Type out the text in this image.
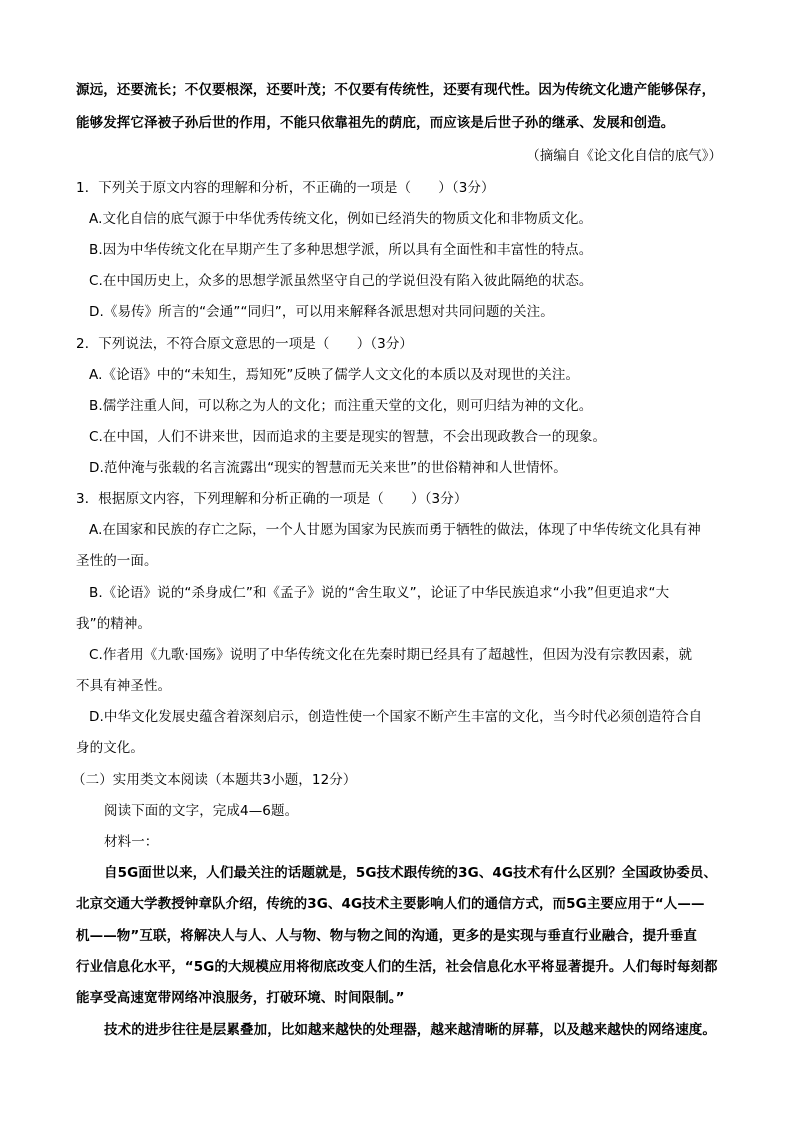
源远，还要流长；不仅要根深，还要叶茂；不仅要有传统性，还要有现代性。因为传统文化遗产能够保存，
能够发挥它泽被子孙后世的作用，不能只依靠祖先的荫庇，而应该是后世子孙的继承、发展和创造。
（摘编自《论文化自信的底气》）
1．下列关于原文内容的理解和分析，不正确的一项是（　　）（3分）
A.文化自信的底气源于中华优秀传统文化，例如已经消失的物质文化和非物质文化。
B.因为中华传统文化在早期产生了多种思想学派，所以具有全面性和丰富性的特点。
C.在中国历史上，众多的思想学派虽然坚守自己的学说但没有陷入彼此隔绝的状态。
D.《易传》所言的“会通”“同归”，可以用来解释各派思想对共同问题的关注。
2．下列说法，不符合原文意思的一项是（　　）（3分）
A.《论语》中的“未知生，焉知死”反映了儒学人文文化的本质以及对现世的关注。
B.儒学注重人间，可以称之为人的文化；而注重天堂的文化，则可归结为神的文化。
C.在中国，人们不讲来世，因而追求的主要是现实的智慧，不会出现政教合一的现象。
D.范仲淹与张载的名言流露出“现实的智慧而无关来世”的世俗精神和人世情怀。
3．根据原文内容，下列理解和分析正确的一项是（　　）（3分）
A.在国家和民族的存亡之际，一个人甘愿为国家为民族而勇于牺牲的做法，体现了中华传统文化具有神
圣性的一面。
B.《论语》说的“杀身成仁”和《孟子》说的“舍生取义”，论证了中华民族追求“小我”但更追求“大
我”的精神。
C.作者用《九歌·国殇》说明了中华传统文化在先秦时期已经具有了超越性，但因为没有宗教因素，就
不具有神圣性。
D.中华文化发展史蕴含着深刻启示，创造性使一个国家不断产生丰富的文化，当今时代必须创造符合自
身的文化。
（二）实用类文本阅读（本题共3小题，12分）
阅读下面的文字，完成4—6题。
材料一：
自5G面世以来，人们最关注的话题就是，5G技术跟传统的3G、4G技术有什么区别？全国政协委员、
北京交通大学教授钟章队介绍，传统的3G、4G技术主要影响人们的通信方式，而5G主要应用于“人——
机——物”互联，将解决人与人、人与物、物与物之间的沟通，更多的是实现与垂直行业融合，提升垂直
行业信息化水平，“5G的大规模应用将彻底改变人们的生活，社会信息化水平将显著提升。人们每时每刻都
能享受高速宽带网络冲浪服务，打破环境、时间限制。”
技术的进步往往是层累叠加，比如越来越快的处理器，越来越清晰的屏幕，以及越来越快的网络速度。
